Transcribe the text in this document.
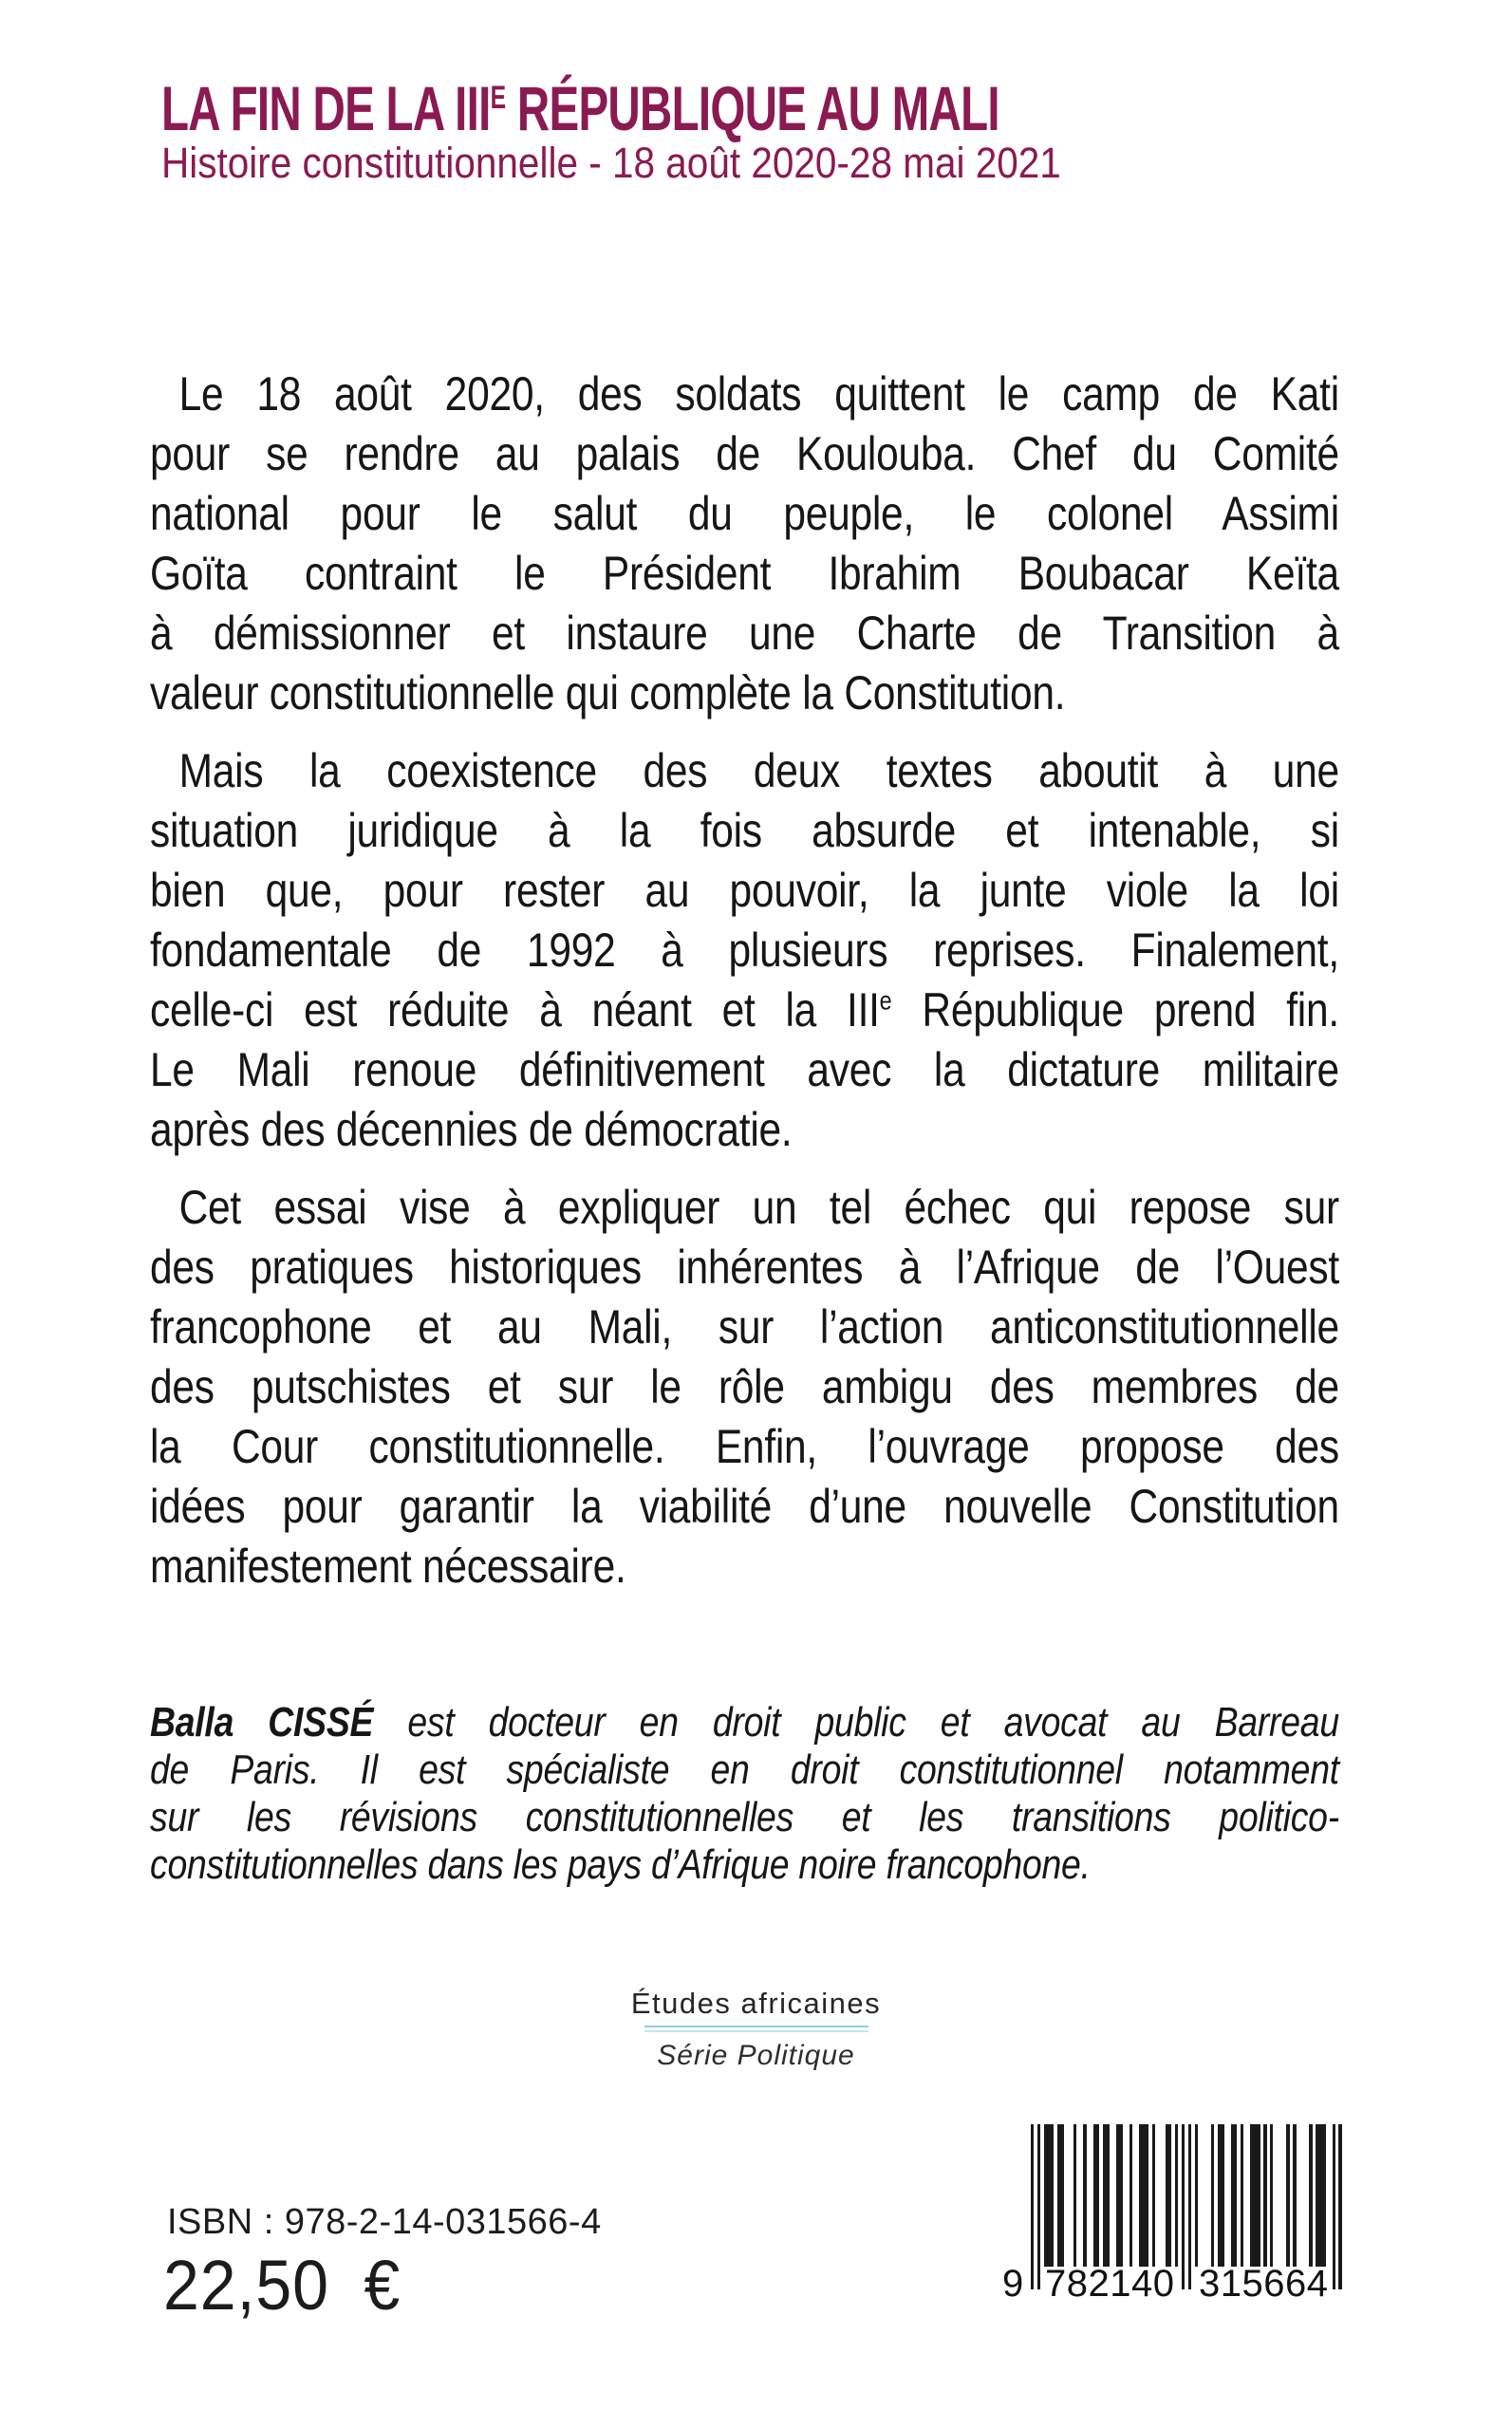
LA FIN DE LA $III^E$ RÉPUBLIQUE AU MALI
Histoire constitutionnelle - 18 août 2020-28 mai 2021
Le 18 août 2020, des soldats quittent le camp de Kati
pour se rendre au palais de Koulouba. Chef du Comité
national pour le salut du peuple, le colonel Assimi
Goïta contraint le Président Ibrahim Boubacar Keïta
à démissionner et instaure une Charte de Transition à
valeur constitutionnelle qui complète la Constitution.
Mais la coexistence des deux textes aboutit à une
situation juridique à la fois absurde et intenable, si
bien que, pour rester au pouvoir, la junte viole la loi
fondamentale de 1992 à plusieurs reprises. Finalement,
celle-ci est réduite à néant et la IIIe République prend fin.
Le Mali renoue définitivement avec la dictature militaire
après des décennies de démocratie.
Cet essai vise à expliquer un tel échec qui repose sur
des pratiques historiques inhérentes à l’Afrique de l’Ouest
francophone et au Mali, sur l’action anticonstitutionnelle
des putschistes et sur le rôle ambigu des membres de
la Cour constitutionnelle. Enfin, l’ouvrage propose des
idées pour garantir la viabilité d’une nouvelle Constitution
manifestement nécessaire.
Balla CISSÉ est docteur en droit public et avocat au Barreau
de Paris. Il est spécialiste en droit constitutionnel notamment
sur les révisions constitutionnelles et les transitions politico-
constitutionnelles dans les pays d’Afrique noire francophone.
Études africaines
Série Politique
ISBN : 978-2-14-031566-4
22,50 €	9 7 8 2 1 4 0 3 1 5 6 6 4
